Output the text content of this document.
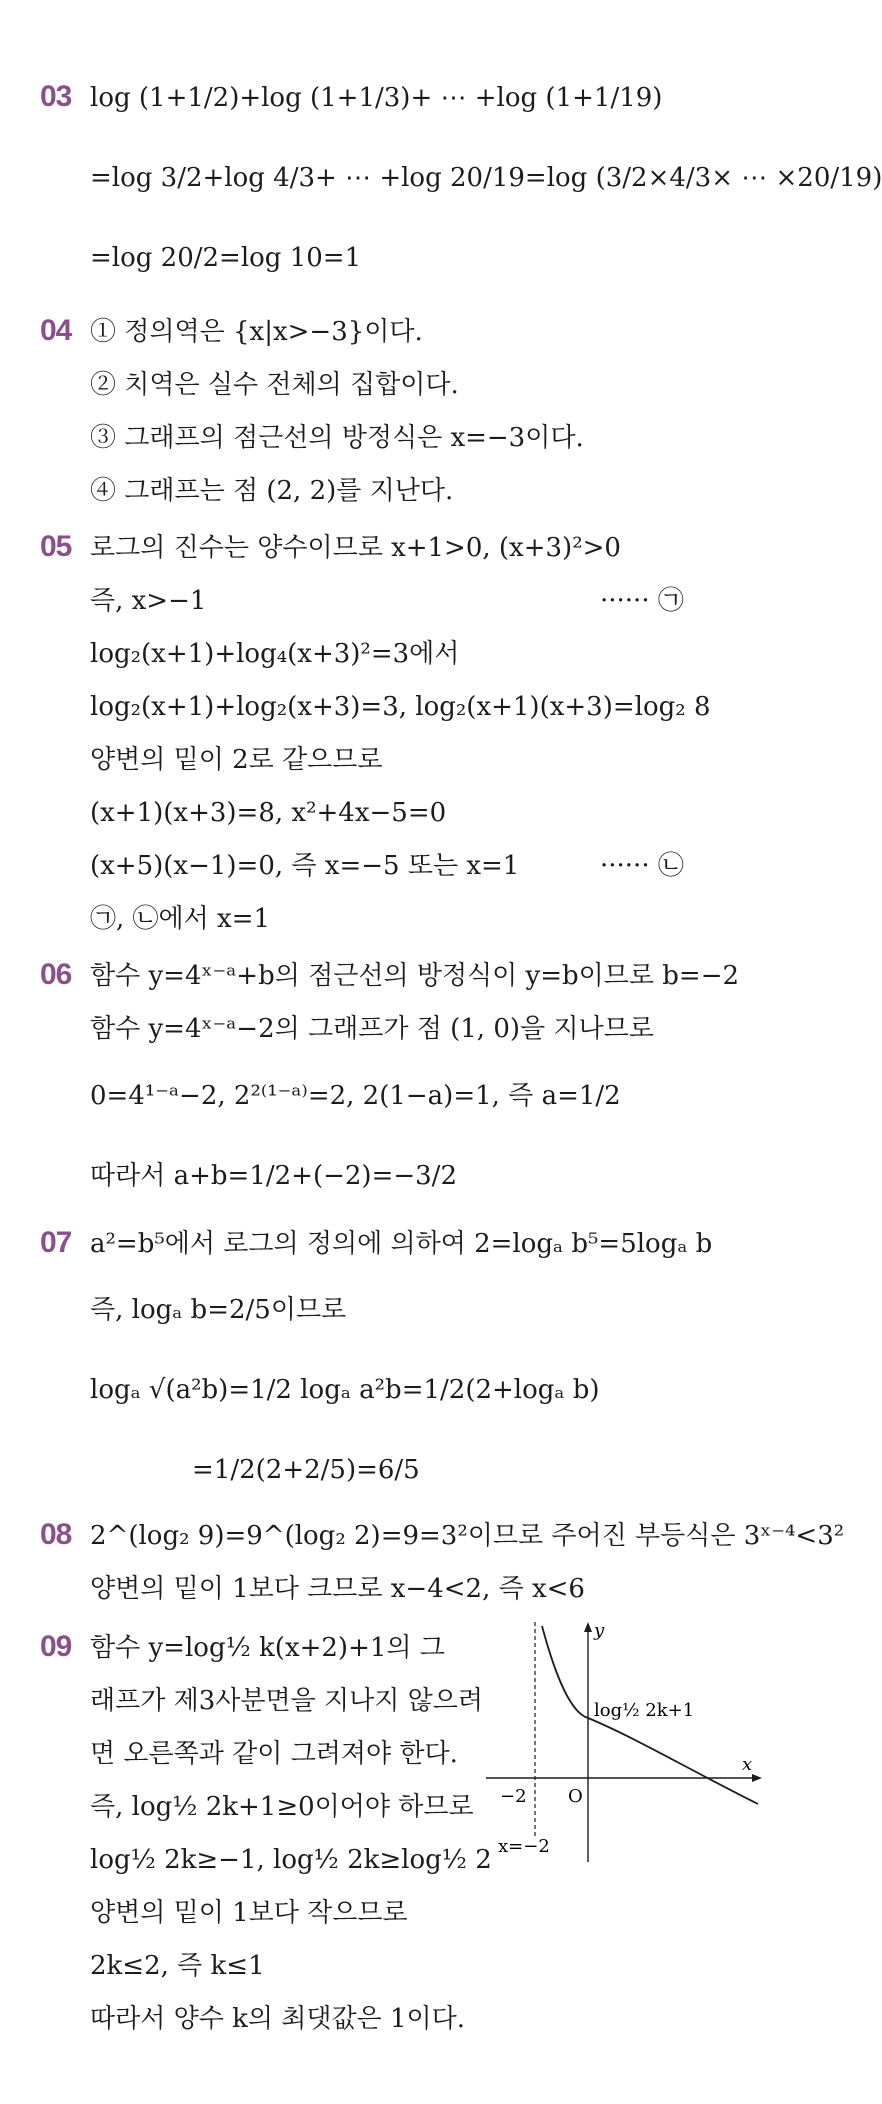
03 log (1+1/2)+log (1+1/3)+ ⋯ +log (1+1/19)
=log 3/2+log 4/3+ ⋯ +log 20/19=log (3/2×4/3× ⋯ ×20/19)
=log 20/2=log 10=1
04 ① 정의역은 {x|x>−3}이다.
② 치역은 실수 전체의 집합이다.
③ 그래프의 점근선의 방정식은 x=−3이다.
④ 그래프는 점 (2, 2)를 지난다.
05 로그의 진수는 양수이므로 x+1>0, (x+3)²>0
즉, x>−1	······ ㉠
log₂(x+1)+log₄(x+3)²=3에서
log₂(x+1)+log₂(x+3)=3, log₂(x+1)(x+3)=log₂ 8
양변의 밑이 2로 같으므로
(x+1)(x+3)=8, x²+4x−5=0
(x+5)(x−1)=0, 즉 x=−5 또는 x=1	······ ㉡
㉠, ㉡에서 x=1
06 함수 y=4ˣ⁻ᵃ+b의 점근선의 방정식이 y=b이므로 b=−2
함수 y=4ˣ⁻ᵃ−2의 그래프가 점 (1, 0)을 지나므로
0=4¹⁻ᵃ−2, 2²⁽¹⁻ᵃ⁾=2, 2(1−a)=1, 즉 a=1/2
따라서 a+b=1/2+(−2)=−3/2
07 a²=b⁵에서 로그의 정의에 의하여 2=logₐ b⁵=5logₐ b
즉, logₐ b=2/5이므로
logₐ √(a²b)=1/2 logₐ a²b=1/2(2+logₐ b)
=1/2(2+2/5)=6/5
08 2^(log₂ 9)=9^(log₂ 2)=9=3²이므로 주어진 부등식은 3ˣ⁻⁴<3²
양변의 밑이 1보다 크므로 x−4<2, 즉 x<6
09 함수 y=log½ k(x+2)+1의 그
래프가 제3사분면을 지나지 않으려
면 오른쪽과 같이 그려져야 한다.
즉, log½ 2k+1≥0이어야 하므로
log½ 2k≥−1, log½ 2k≥log½ 2
양변의 밑이 1보다 작으므로
2k≤2, 즉 k≤1
따라서 양수 k의 최댓값은 1이다.
y
x
O
log½ 2k+1
−2
x=−2
